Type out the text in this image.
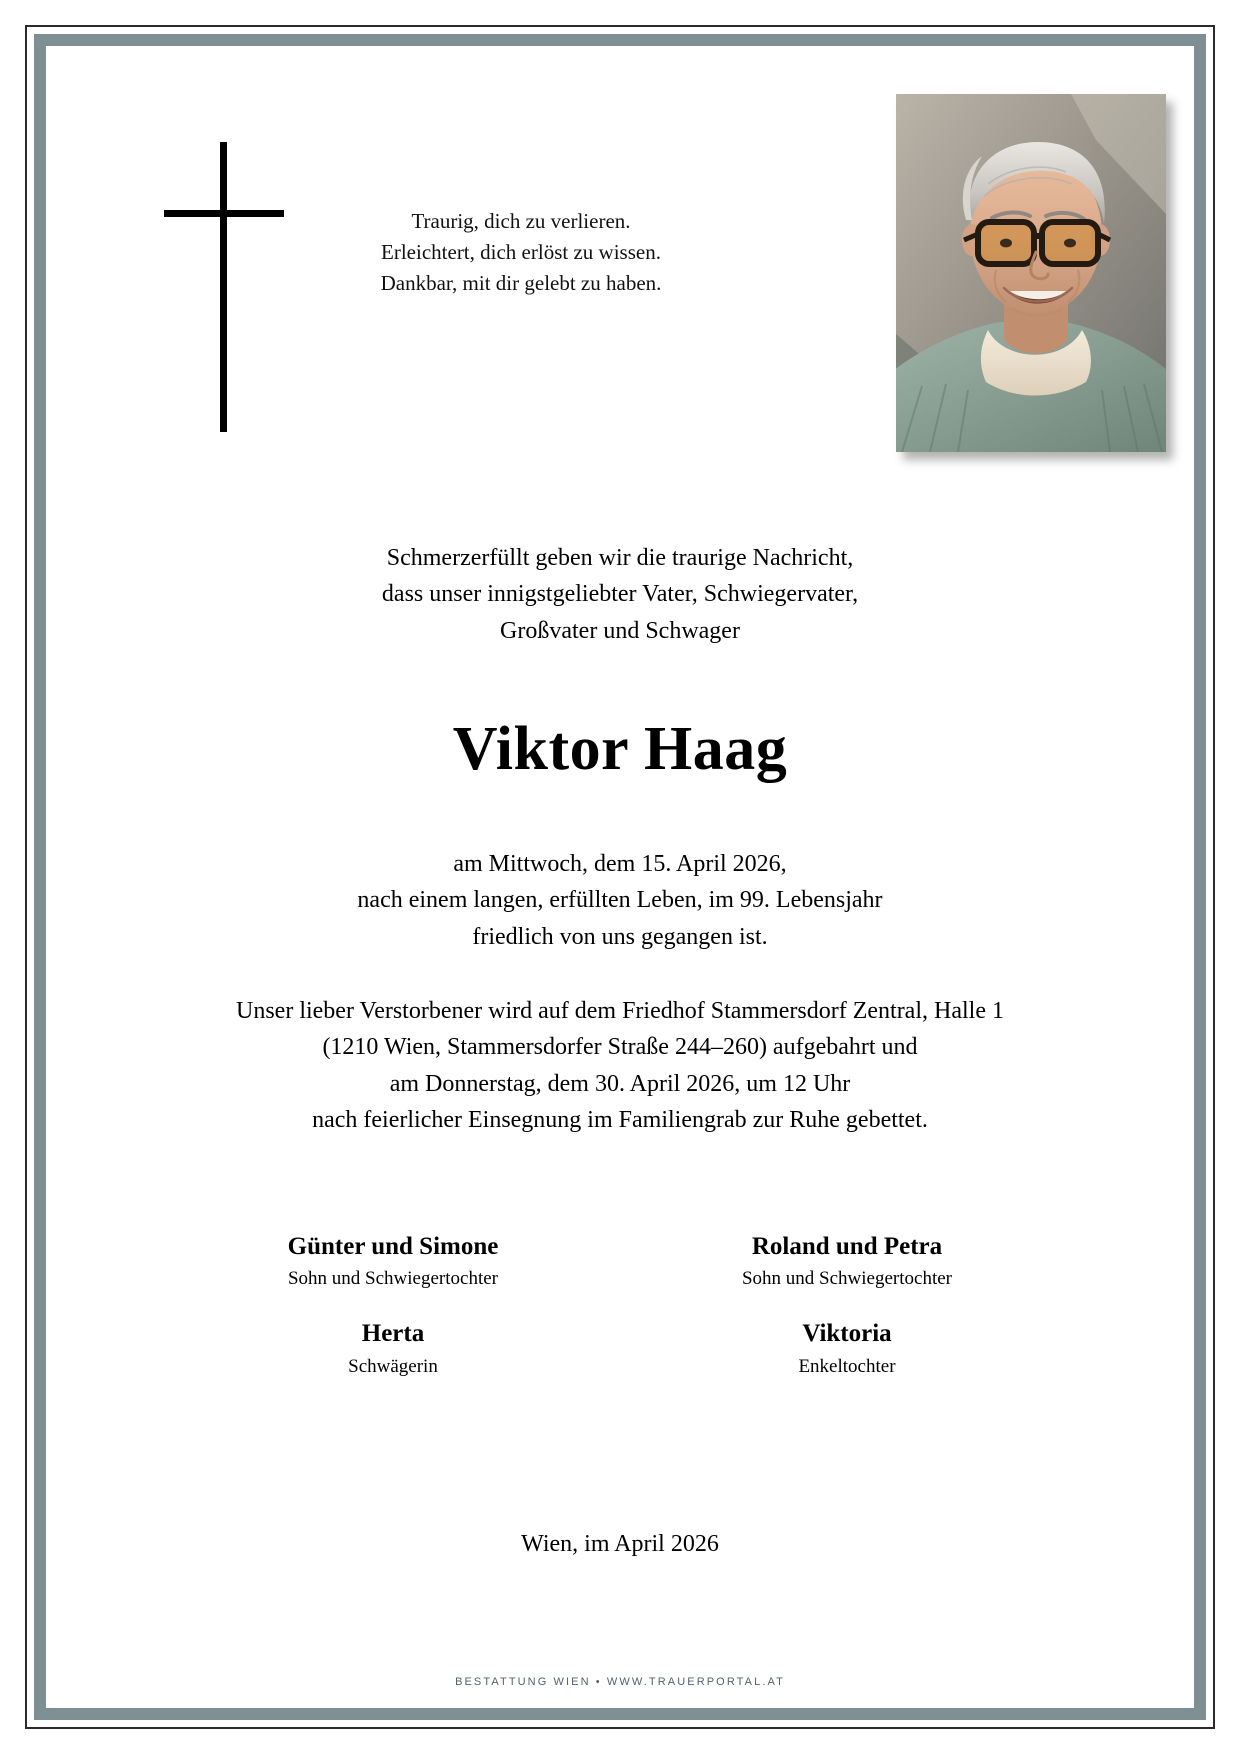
Traurig, dich zu verlieren.
Erleichtert, dich erlöst zu wissen.
Dankbar, mit dir gelebt zu haben.
Schmerzerfüllt geben wir die traurige Nachricht,
dass unser innigstgeliebter Vater, Schwiegervater,
Großvater und Schwager
Viktor Haag
am Mittwoch, dem 15. April 2026,
nach einem langen, erfüllten Leben, im 99. Lebensjahr
friedlich von uns gegangen ist.
Unser lieber Verstorbener wird auf dem Friedhof Stammersdorf Zentral, Halle 1
(1210 Wien, Stammersdorfer Straße 244–260) aufgebahrt und
am Donnerstag, dem 30. April 2026, um 12 Uhr
nach feierlicher Einsegnung im Familiengrab zur Ruhe gebettet.
Günter und Simone
Sohn und Schwiegertochter
Herta
Schwägerin
Roland und Petra
Sohn und Schwiegertochter
Viktoria
Enkeltochter
Wien, im April 2026
BESTATTUNG WIEN • WWW.TRAUERPORTAL.AT
